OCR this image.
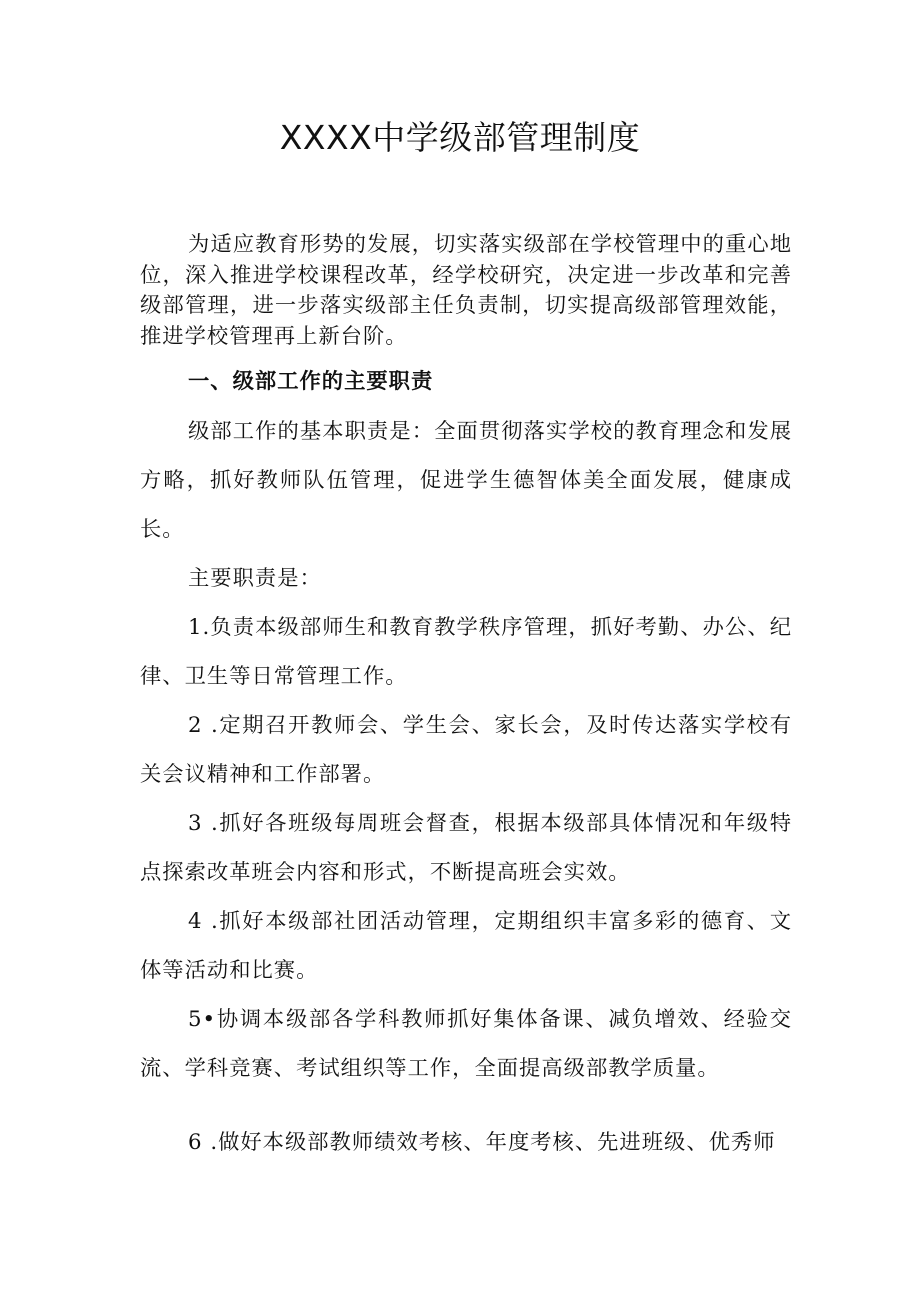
XXXX中学级部管理制度

为适应教育形势的发展，切实落实级部在学校管理中的重心地位，深入推进学校课程改革，经学校研究，决定进一步改革和完善级部管理，进一步落实级部主任负责制，切实提高级部管理效能，推进学校管理再上新台阶。

一、级部工作的主要职责

级部工作的基本职责是：全面贯彻落实学校的教育理念和发展方略，抓好教师队伍管理，促进学生德智体美全面发展，健康成长。

主要职责是：

1.负责本级部师生和教育教学秩序管理，抓好考勤、办公、纪律、卫生等日常管理工作。

2 .定期召开教师会、学生会、家长会，及时传达落实学校有关会议精神和工作部署。

3 .抓好各班级每周班会督查，根据本级部具体情况和年级特点探索改革班会内容和形式，不断提高班会实效。

4 .抓好本级部社团活动管理，定期组织丰富多彩的德育、文体等活动和比赛。

5•协调本级部各学科教师抓好集体备课、减负增效、经验交流、学科竞赛、考试组织等工作，全面提高级部教学质量。

6 .做好本级部教师绩效考核、年度考核、先进班级、优秀师
